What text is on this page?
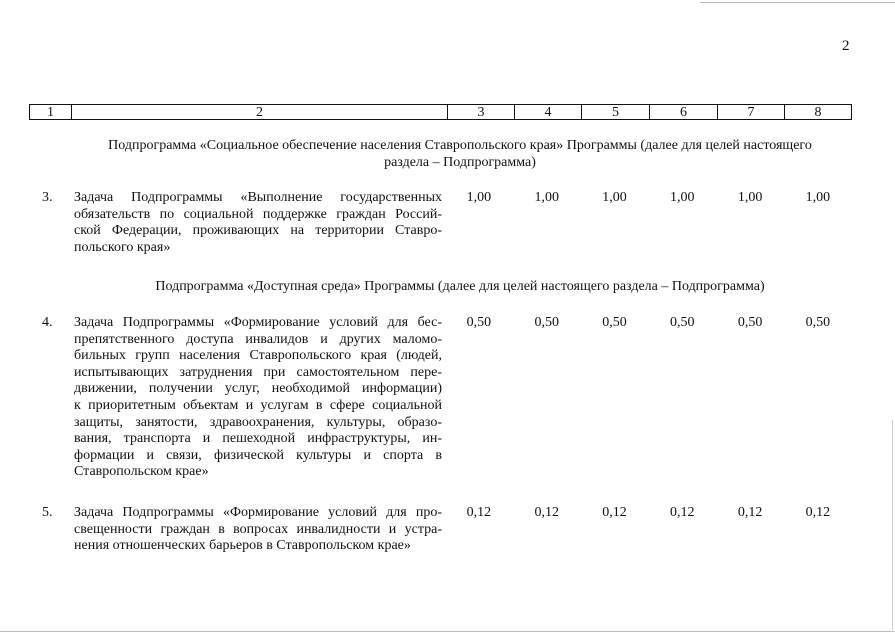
2
1	2	3	4	5	6	7	8
Подпрограмма «Социальное обеспечение населения Ставропольского края» Программы (далее для целей настоящего
раздела – Подпрограмма)
3. Задача Подпрограммы «Выполнение государственных
обязательств по социальной поддержке граждан Россий-
ской Федерации, проживающих на территории Ставро-
польского края»
1,00	1,00	1,00	1,00	1,00	1,00
Подпрограмма «Доступная среда» Программы (далее для целей настоящего раздела – Подпрограмма)
4. Задача Подпрограммы «Формирование условий для бес-
препятственного доступа инвалидов и других маломо-
бильных групп населения Ставропольского края (людей,
испытывающих затруднения при самостоятельном пере-
движении, получении услуг, необходимой информации)
к приоритетным объектам и услугам в сфере социальной
защиты, занятости, здравоохранения, культуры, образо-
вания, транспорта и пешеходной инфраструктуры, ин-
формации и связи, физической культуры и спорта в
Ставропольском крае»
0,50	0,50	0,50	0,50	0,50	0,50
5. Задача Подпрограммы «Формирование условий для про-
свещенности граждан в вопросах инвалидности и устра-
нения отношенческих барьеров в Ставропольском крае»
0,12	0,12	0,12	0,12	0,12	0,12
